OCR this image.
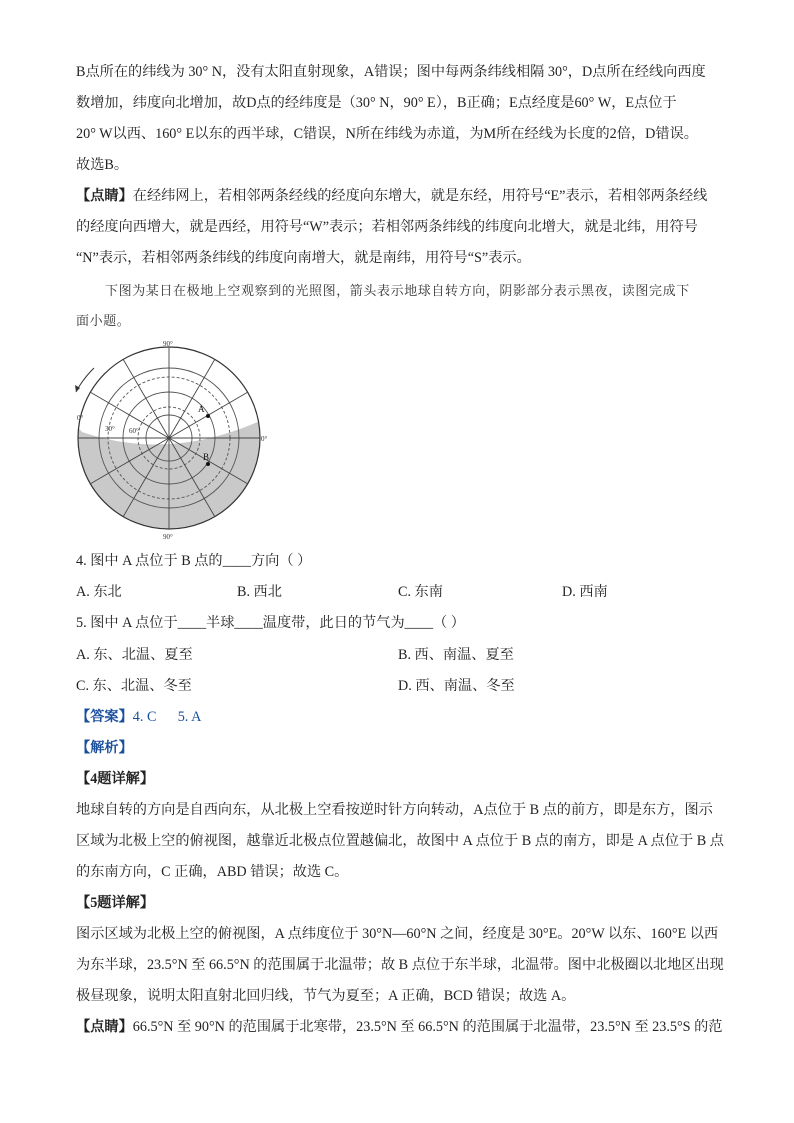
B点所在的纬线为 30° N，没有太阳直射现象，A错误；图中每两条纬线相隔 30°，D点所在经线向西度
数增加，纬度向北增加，故D点的经纬度是（30° N，90° E），B正确；E点经度是60° W，E点位于
20° W以西、160° E以东的西半球，C错误，N所在纬线为赤道，为M所在经线为长度的2倍，D错误。
故选B。
【点睛】在经纬网上，若相邻两条经线的经度向东增大，就是东经，用符号“E”表示，若相邻两条经线
的经度向西增大，就是西经，用符号“W”表示；若相邻两条纬线的纬度向北增大，就是北纬，用符号
“N”表示，若相邻两条纬线的纬度向南增大，就是南纬，用符号“S”表示。
下图为某日在极地上空观察到的光照图，箭头表示地球自转方向，阴影部分表示黑夜，读图完成下
面小题。
90°
90°
0°
0°
30° 60°
A
B
4. 图中 A 点位于 B 点的____方向（ ）
A. 东北	B. 西北	C. 东南	D. 西南
5. 图中 A 点位于____半球____温度带，此日的节气为____（ ）
A. 东、北温、夏至	B. 西、南温、夏至
C. 东、北温、冬至	D. 西、南温、冬至
【答案】4. C      5. A
【解析】
【4题详解】
地球自转的方向是自西向东，从北极上空看按逆时针方向转动，A点位于 B 点的前方，即是东方，图示
区域为北极上空的俯视图，越靠近北极点位置越偏北，故图中 A 点位于 B 点的南方，即是 A 点位于 B 点
的东南方向，C 正确，ABD 错误；故选 C。
【5题详解】
图示区域为北极上空的俯视图，A 点纬度位于 30°N—60°N 之间，经度是 30°E。20°W 以东、160°E 以西
为东半球，23.5°N 至 66.5°N 的范围属于北温带；故 B 点位于东半球，北温带。图中北极圈以北地区出现
极昼现象，说明太阳直射北回归线，节气为夏至；A 正确，BCD 错误；故选 A。
【点睛】66.5°N 至 90°N 的范围属于北寒带，23.5°N 至 66.5°N 的范围属于北温带，23.5°N 至 23.5°S 的范
